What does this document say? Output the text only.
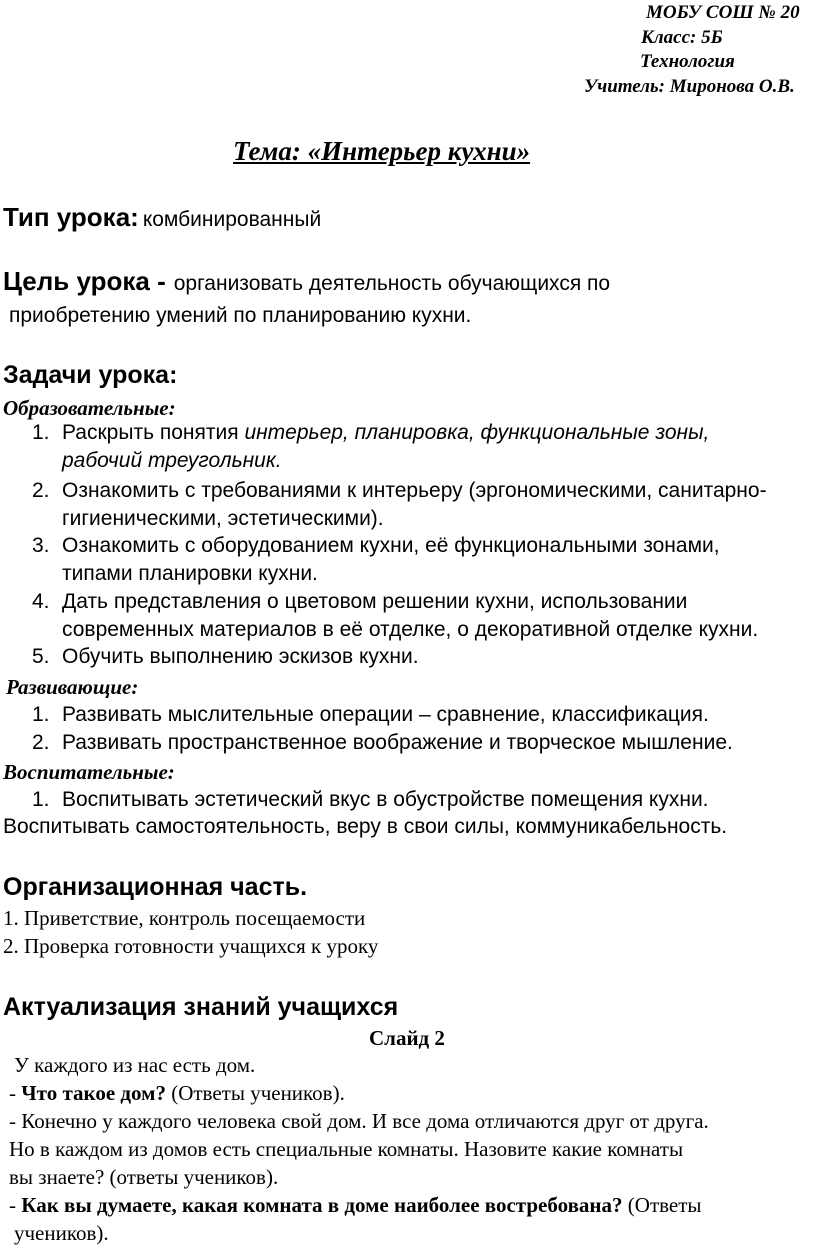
МОБУ СОШ № 20
Класс: 5Б
Технология
Учитель: Миронова О.В.
Тема: «Интерьер кухни»
Тип урока: комбинированный
Цель урока - организовать деятельность обучающихся по
приобретению умений по планированию кухни.
Задачи урока:
Образовательные:
1. Раскрыть понятия интерьер, планировка, функциональные зоны,
рабочий треугольник.
2. Ознакомить с требованиями к интерьеру (эргономическими, санитарно-
гигиеническими, эстетическими).
3. Ознакомить с оборудованием кухни, её функциональными зонами,
типами планировки кухни.
4. Дать представления о цветовом решении кухни, использовании
современных материалов в её отделке, о декоративной отделке кухни.
5. Обучить выполнению эскизов кухни.
Развивающие:
1. Развивать мыслительные операции – сравнение, классификация.
2. Развивать пространственное воображение и творческое мышление.
Воспитательные:
1. Воспитывать эстетический вкус в обустройстве помещения кухни.
Воспитывать самостоятельность, веру в свои силы, коммуникабельность.
Организационная часть.
1. Приветствие, контроль посещаемости
2. Проверка готовности учащихся к уроку
Актуализация знаний учащихся
Слайд 2
У каждого из нас есть дом.
- Что такое дом? (Ответы учеников).
- Конечно у каждого человека свой дом. И все дома отличаются друг от друга.
Но в каждом из домов есть специальные комнаты. Назовите какие комнаты
вы знаете? (ответы учеников).
- Как вы думаете, какая комната в доме наиболее востребована? (Ответы
учеников).
